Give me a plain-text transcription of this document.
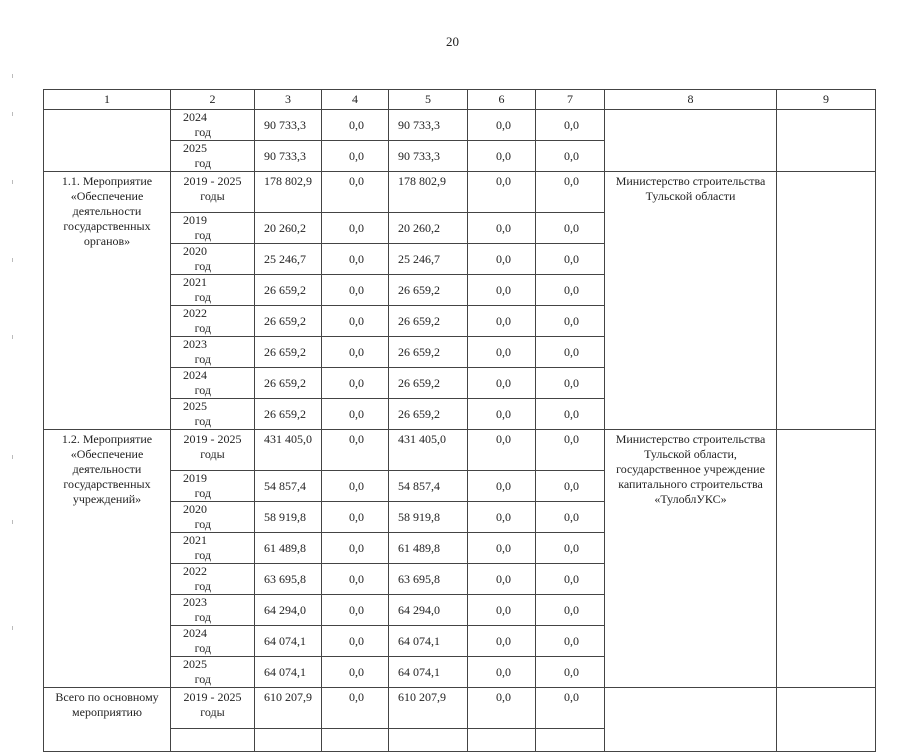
20
1	2	3	4	5	6	7	8	9
	2024год	90 733,3	0,0	90 733,3	0,0	0,0		
	2025год	90 733,3	0,0	90 733,3	0,0	0,0		
1.1. Мероприятие «Обеспечение деятельности государственных органов»	2019 - 2025 годы	178 802,9	0,0	178 802,9	0,0	0,0	Министерство строительства Тульской области	
	2019год	20 260,2	0,0	20 260,2	0,0	0,0		
	2020год	25 246,7	0,0	25 246,7	0,0	0,0		
	2021год	26 659,2	0,0	26 659,2	0,0	0,0		
	2022год	26 659,2	0,0	26 659,2	0,0	0,0		
	2023год	26 659,2	0,0	26 659,2	0,0	0,0		
	2024год	26 659,2	0,0	26 659,2	0,0	0,0		
	2025год	26 659,2	0,0	26 659,2	0,0	0,0		
1.2. Мероприятие «Обеспечение деятельности государственных учреждений»	2019 - 2025 годы	431 405,0	0,0	431 405,0	0,0	0,0	Министерство строительства Тульской области, государственное учреждение капитального строительства «ТулоблУКС»	
	2019год	54 857,4	0,0	54 857,4	0,0	0,0		
	2020год	58 919,8	0,0	58 919,8	0,0	0,0		
	2021год	61 489,8	0,0	61 489,8	0,0	0,0		
	2022год	63 695,8	0,0	63 695,8	0,0	0,0		
	2023год	64 294,0	0,0	64 294,0	0,0	0,0		
	2024год	64 074,1	0,0	64 074,1	0,0	0,0		
	2025год	64 074,1	0,0	64 074,1	0,0	0,0		
Всего по основному мероприятию	2019 - 2025 годы	610 207,9	0,0	610 207,9	0,0	0,0		
